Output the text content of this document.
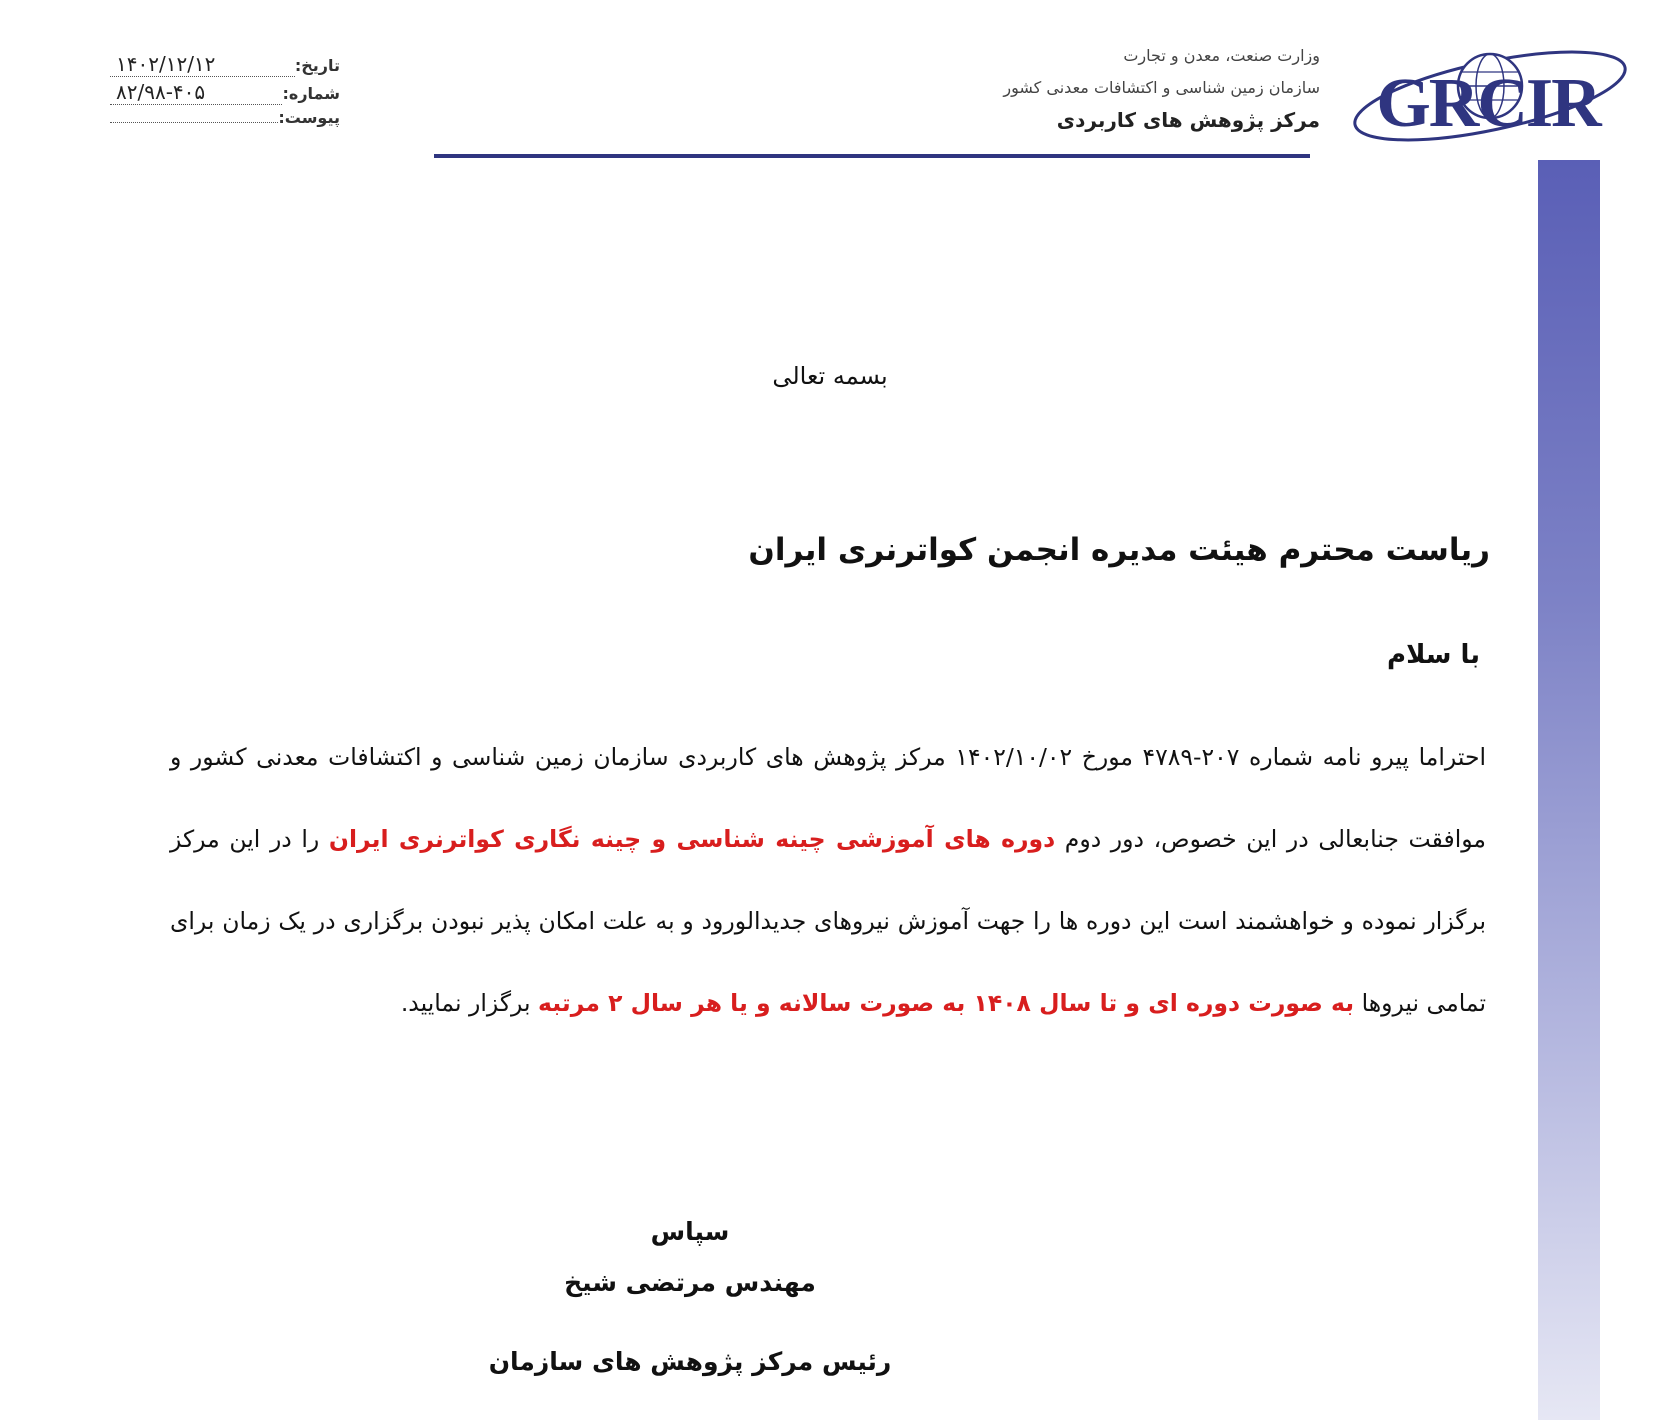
GRCIR
وزارت صنعت، معدن و تجارت
سازمان زمین شناسی و اکتشافات معدنی کشور
مرکز پژوهش های کاربردی
تاریخ:
۱۴۰۲/۱۲/۱۲
شماره:
۸۲/۹۸-۴۰۵
پیوست:
بسمه تعالی
ریاست محترم هیئت مدیره انجمن کواترنری ایران
با سلام
احتراما پیرو نامه شماره ۲۰۷-۴۷۸۹ مورخ ۱۴۰۲/۱۰/۰۲ مرکز پژوهش های کاربردی سازمان زمین شناسی و اکتشافات معدنی کشور و موافقت جنابعالی در این خصوص، دور دوم دوره های آموزشی چینه شناسی و چینه نگاری کواترنری ایران را در این مرکز برگزار نموده و خواهشمند است این دوره ها را جهت آموزش نیروهای جدیدالورود و به علت امکان پذیر نبودن برگزاری در یک زمان برای تمامی نیروها به صورت دوره ای و تا سال ۱۴۰۸ به صورت سالانه و یا هر سال ۲ مرتبه برگزار نمایید.
سپاس
مهندس مرتضی شیخ
رئیس مرکز پژوهش های سازمان
